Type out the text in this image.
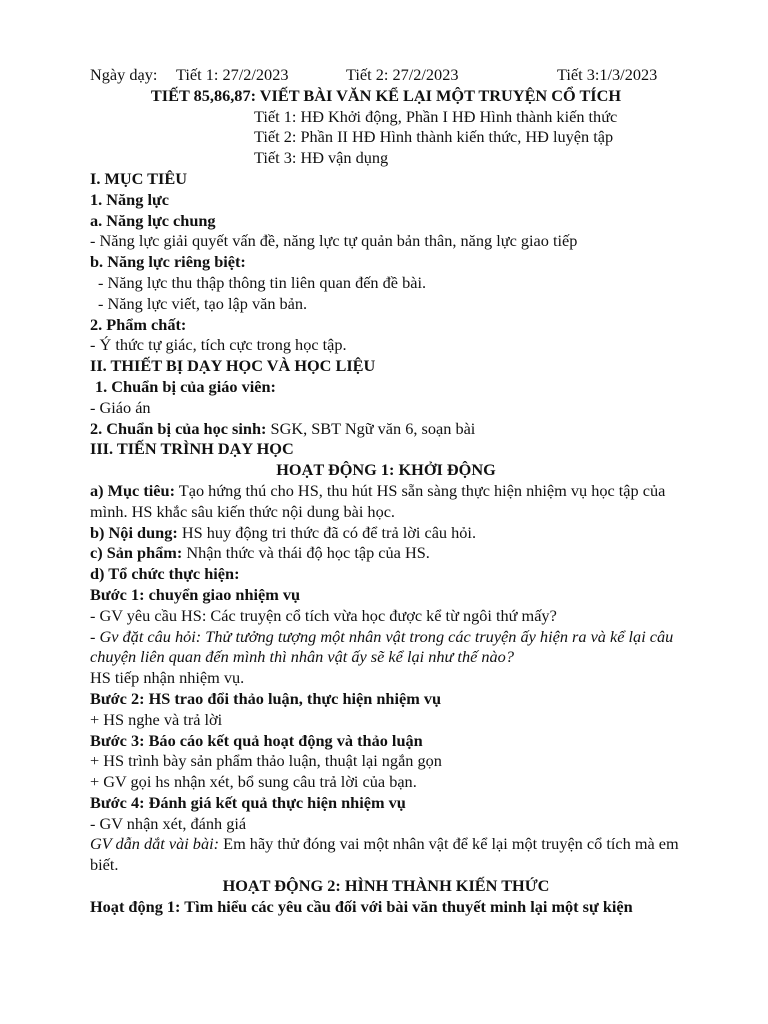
Ngày dạy: Tiết 1: 27/2/2023	Tiết 2: 27/2/2023	Tiết 3:1/3/2023
TIẾT 85,86,87: VIẾT BÀI VĂN KỂ LẠI MỘT TRUYỆN CỔ TÍCH
Tiết 1: HĐ Khởi động, Phần I HĐ Hình thành kiến thức
Tiết 2: Phần II HĐ Hình thành kiến thức, HĐ luyện tập
Tiết 3: HĐ vận dụng
I. MỤC TIÊU
1. Năng lực
a. Năng lực chung
- Năng lực giải quyết vấn đề, năng lực tự quản bản thân, năng lực giao tiếp
b. Năng lực riêng biệt:
- Năng lực thu thập thông tin liên quan đến đề bài.
- Năng lực viết, tạo lập văn bản.
2. Phẩm chất:
- Ý thức tự giác, tích cực trong học tập.
II. THIẾT BỊ DẠY HỌC VÀ HỌC LIỆU
1. Chuẩn bị của giáo viên:
- Giáo án
2. Chuẩn bị của học sinh: SGK, SBT Ngữ văn 6, soạn bài
III. TIẾN TRÌNH DẠY HỌC
HOẠT ĐỘNG 1: KHỞI ĐỘNG
a) Mục tiêu: Tạo hứng thú cho HS, thu hút HS sẵn sàng thực hiện nhiệm vụ học tập của mình. HS khắc sâu kiến thức nội dung bài học.
b) Nội dung: HS huy động tri thức đã có để trả lời câu hỏi.
c) Sản phẩm: Nhận thức và thái độ học tập của HS.
d) Tổ chức thực hiện:
Bước 1: chuyển giao nhiệm vụ
- GV yêu cầu HS: Các truyện cổ tích vừa học được kể từ ngôi thứ mấy?
- Gv đặt câu hỏi: Thử tưởng tượng một nhân vật trong các truyện ấy hiện ra và kể lại câu chuyện liên quan đến mình thì nhân vật ấy sẽ kể lại như thế nào?
HS tiếp nhận nhiệm vụ.
Bước 2: HS trao đổi thảo luận, thực hiện nhiệm vụ
+ HS nghe và trả lời
Bước 3: Báo cáo kết quả hoạt động và thảo luận
+ HS trình bày sản phẩm thảo luận, thuật lại ngắn gọn
+ GV gọi hs nhận xét, bổ sung câu trả lời của bạn.
Bước 4: Đánh giá kết quả thực hiện nhiệm vụ
- GV nhận xét, đánh giá
GV dẫn dắt vài bài: Em hãy thử đóng vai một nhân vật để kể lại một truyện cổ tích mà em biết.
HOẠT ĐỘNG 2: HÌNH THÀNH KIẾN THỨC
Hoạt động 1: Tìm hiểu các yêu cầu đối với bài văn thuyết minh lại một sự kiện
